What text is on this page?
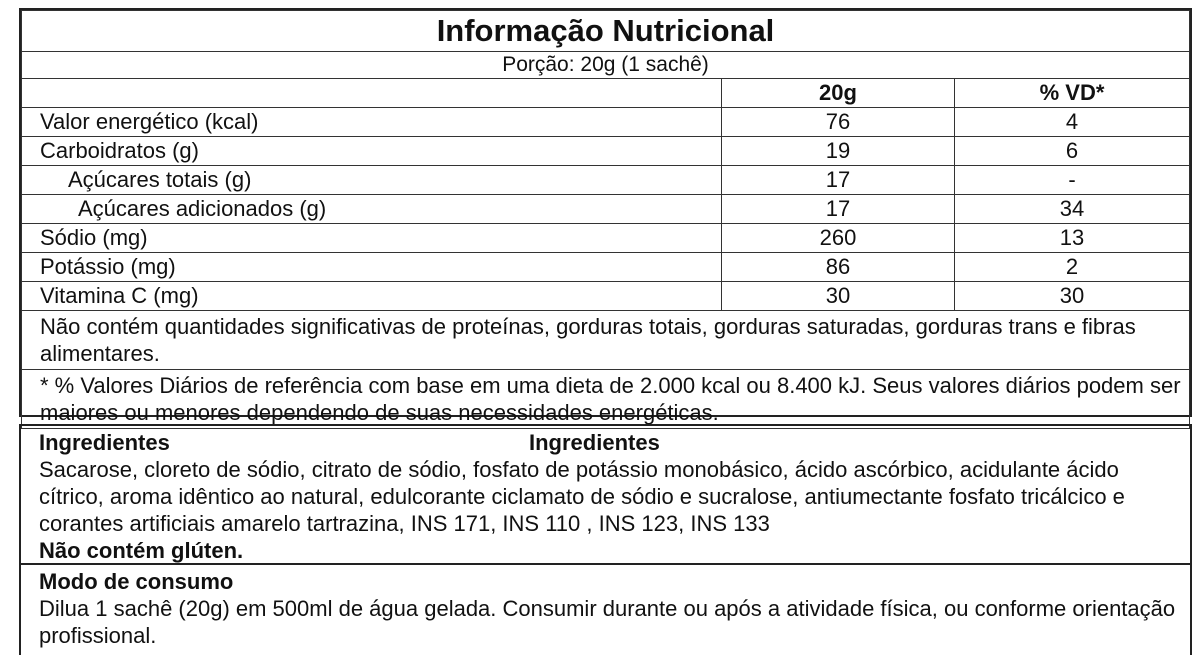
Informação Nutricional		
Porção: 20g (1 sachê)		
	20g	% VD*
Valor energético (kcal)	76	4
Carboidratos (g)	19	6
Açúcares totais (g)	17	-
Açúcares adicionados (g)	17	34
Sódio (mg)	260	13
Potássio (mg)	86	2
Vitamina C (mg)	30	30
Não contém quantidades significativas de proteínas, gorduras totais, gorduras saturadas, gorduras trans e fibras alimentares.		
* % Valores Diários de referência com base em uma dieta de 2.000 kcal ou 8.400 kJ. Seus valores diários podem ser maiores ou menores dependendo de suas necessidades energéticas.		
Ingredientes	Ingredientes
Sacarose, cloreto de sódio, citrato de sódio, fosfato de potássio monobásico, ácido ascórbico, acidulante ácido cítrico, aroma idêntico ao natural, edulcorante ciclamato de sódio e sucralose, antiumectante fosfato tricálcico e corantes artificiais amarelo tartrazina, INS 171, INS 110 , INS 123, INS 133
Não contém glúten.
Modo de consumo
Dilua 1 sachê (20g) em 500ml de água gelada. Consumir durante ou após a atividade física, ou conforme orientação profissional.
